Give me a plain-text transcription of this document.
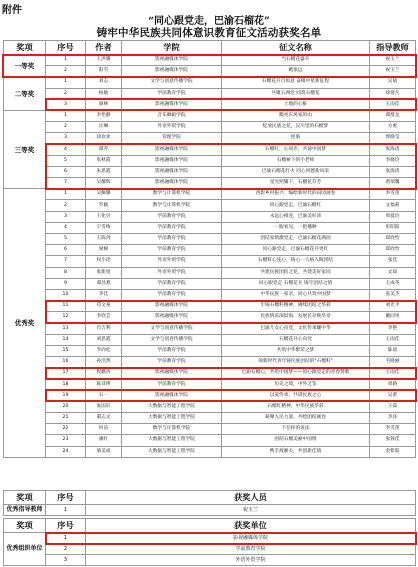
附件
“同心跟党走，巴渝石榴花”
铸牢中华民族共同体意识教育征文活动获奖名单
奖项	序号	作者	学院	征文名称	指导教师
一等奖	1	王洪耀	影视融媒体学院	当石榴花盛开	祝玉兰
	2	阳雪	影视融媒体学院	她很远	祝玉兰
二等奖	1	刘志	文学与创意传播学院	石榴花开百如意 奋楫中星新征程	吴斌
	2	杨敏	学前教育学院	共聚五洲党 同筑石榴花	徐倩凡
	3	颜林	影视融媒体学院	土地的心脏	王雨佳
三等奖	1	李怡静	音乐舞蹈学院	搬亮东风家的山	谭群龙
	2	汪琳	外语外贸学院	绽放民族之花，汉川里的石榴梦	方惠
	3	徐欢欢	管理学院	逆旅	郭晓莹
	4	谭乔	影视融媒体学院	石榴红，心同赤，共铸中国梦	张海清
	5	张秋霞	影视融媒体学院	石榴树下的小老师	李晓玲
	6	朱思霞	影视融媒体学院	巴渝石榴花红火 同心同德新风采	张海清
	7	吴耀辉	影视融媒体学院	星光照耀下，石榴花芬芳	黄瑞馨
优秀奖	1	吴佩璐	数学与计算机学院	西影乡村振兴：编绘新时代的田园画卷	李雪莲
	2	罗颖	数学与计算机学院	同心跟党走，巴渝石榴红	文福莉
	3	王化贝	学前教育学院	永远心相连，巴渝美好沛	周爱玲
	4	宁雪梅	学前教育学院	一眼看见，一把播种	彭阳阳
	5	王陈剑	学前教育学院	团结家情激党走，巴渝石榴花满园	郑欣怡
	6	梁棉	学前教育学院	同心跟党走，巴渝石榴花开更红	郑欣怡
	7	权小迅	外语外贸学院	石榴籽心连心，铸心一人格入陶团结	张佳
	8	张新旭	外语外贸学院	共建民族团结之花，共建美好家园	文琼
	9	谭昌燕	学前教育学院	同心跟党走 石榴花开 铸牢团结之情	王成英
	10	李佳	学前教育学院	中华民族一家亲，同心共筑中国梦	张美杰
	11	苟文豪	影视融媒体学院	牢铸石榴籽精神，赓续团结之华彩	刘光平
	12	李欣芸	影视融媒体学院	民族情谊深似海，发展长存映华章	戴同男
	13	肖吉利	文学与创意传播学院	巴渝儿女心向党，文化传承耀中华	李艳
	14	刘思霞	文学与创意传播学院	石榴花开心向党	王雨佳
	15	罗尚松	学前教育学院	共筑中华繁荣之梦	陈晨
	16	孙浩然	学前教育学院	领新时代青年铸民族团结的"石榴籽"	毛晓丽
	17	程鹏涛	影视融媒体学院	巴渝石榴心，共筑中国梦——同心跟党走的青春赞歌	王雨佳
	18	陈诗瑛	学前教育学院	历史之境，中外之鉴	周路
	19	石一	影视融媒体学院	以爱传承，共谱民族之心	吴蕾
	20	张雨轩	大数据与智能工程学院	石榴红精神，中华民族华彩	王茹
	21	董志文	大数据与智能工程学院	凝聚人民力量，共绘团结画卷	李泽
	22	何洁	数学与计算机学院	下任样的说法	李雪莲
	23	潘红	大数据与智能工程学院	团结石榴美丽中国情	张蓉佳
	24	骆美成	大数据与智能工程学院	携手渡湘关，共创新佳绩	金紫阳
奖项	序号	获奖人员
优秀指导教师	1	祝玉兰
奖项	序号	获奖单位
优秀组织单位	1	影视融媒体学院
	2	学前教育学院
	3	外语外贸学院
